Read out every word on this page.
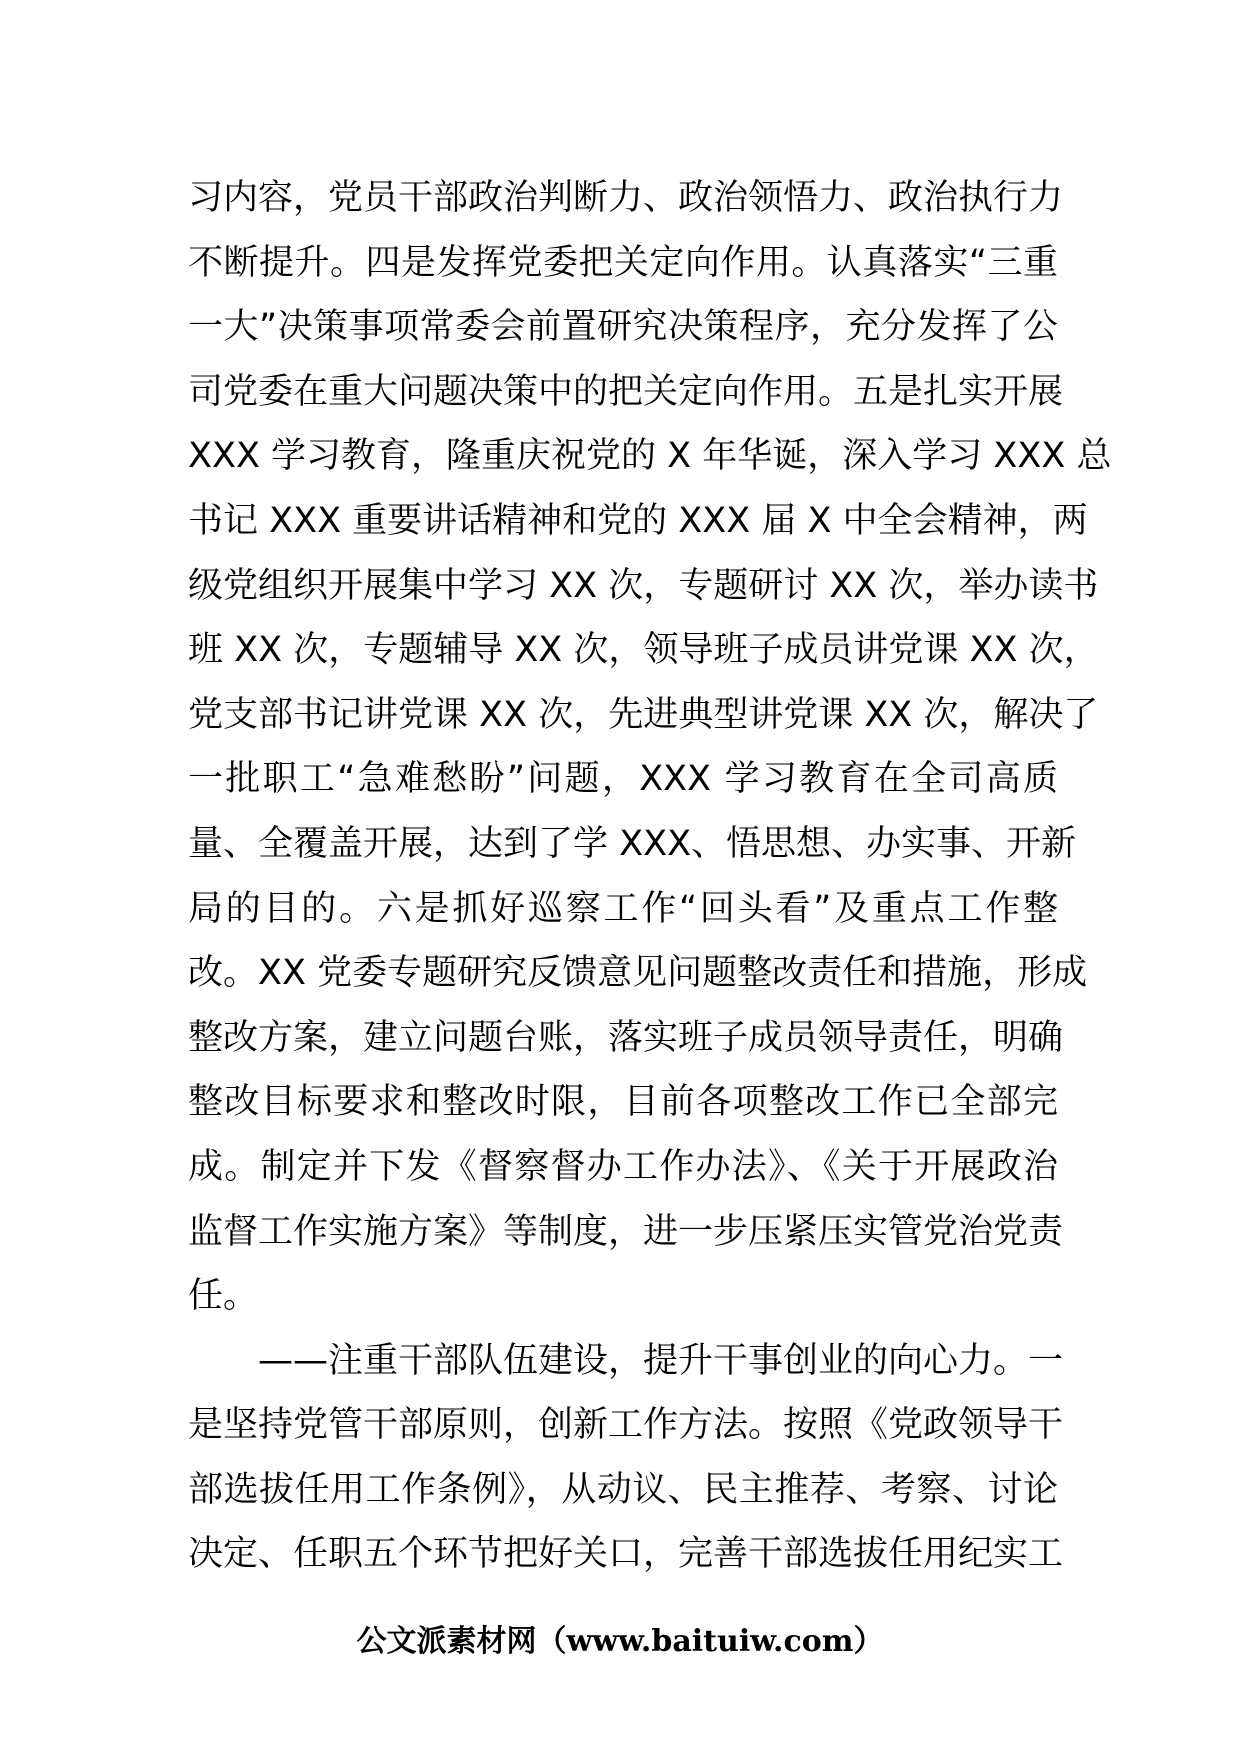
习内容，党员干部政治判断力、政治领悟力、政治执行力
不断提升。四是发挥党委把关定向作用。认真落实“三重
一大”决策事项常委会前置研究决策程序，充分发挥了公
司党委在重大问题决策中的把关定向作用。五是扎实开展
XXX 学习教育，隆重庆祝党的 X 年华诞，深入学习 XXX 总
书记 XXX 重要讲话精神和党的 XXX 届 X 中全会精神，两
级党组织开展集中学习 XX 次，专题研讨 XX 次，举办读书
班 XX 次，专题辅导 XX 次，领导班子成员讲党课 XX 次，
党支部书记讲党课 XX 次，先进典型讲党课 XX 次，解决了
一批职工“急难愁盼”问题，XXX 学习教育在全司高质
量、全覆盖开展，达到了学 XXX、悟思想、办实事、开新
局的目的。六是抓好巡察工作“回头看”及重点工作整
改。XX 党委专题研究反馈意见问题整改责任和措施，形成
整改方案，建立问题台账，落实班子成员领导责任，明确
整改目标要求和整改时限，目前各项整改工作已全部完
成。制定并下发《督察督办工作办法》、《关于开展政治
监督工作实施方案》等制度，进一步压紧压实管党治党责
任。
——注重干部队伍建设，提升干事创业的向心力。一
是坚持党管干部原则，创新工作方法。按照《党政领导干
部选拔任用工作条例》，从动议、民主推荐、考察、讨论
决定、任职五个环节把好关口，完善干部选拔任用纪实工
公文派素材网（www.baituiw.com）
